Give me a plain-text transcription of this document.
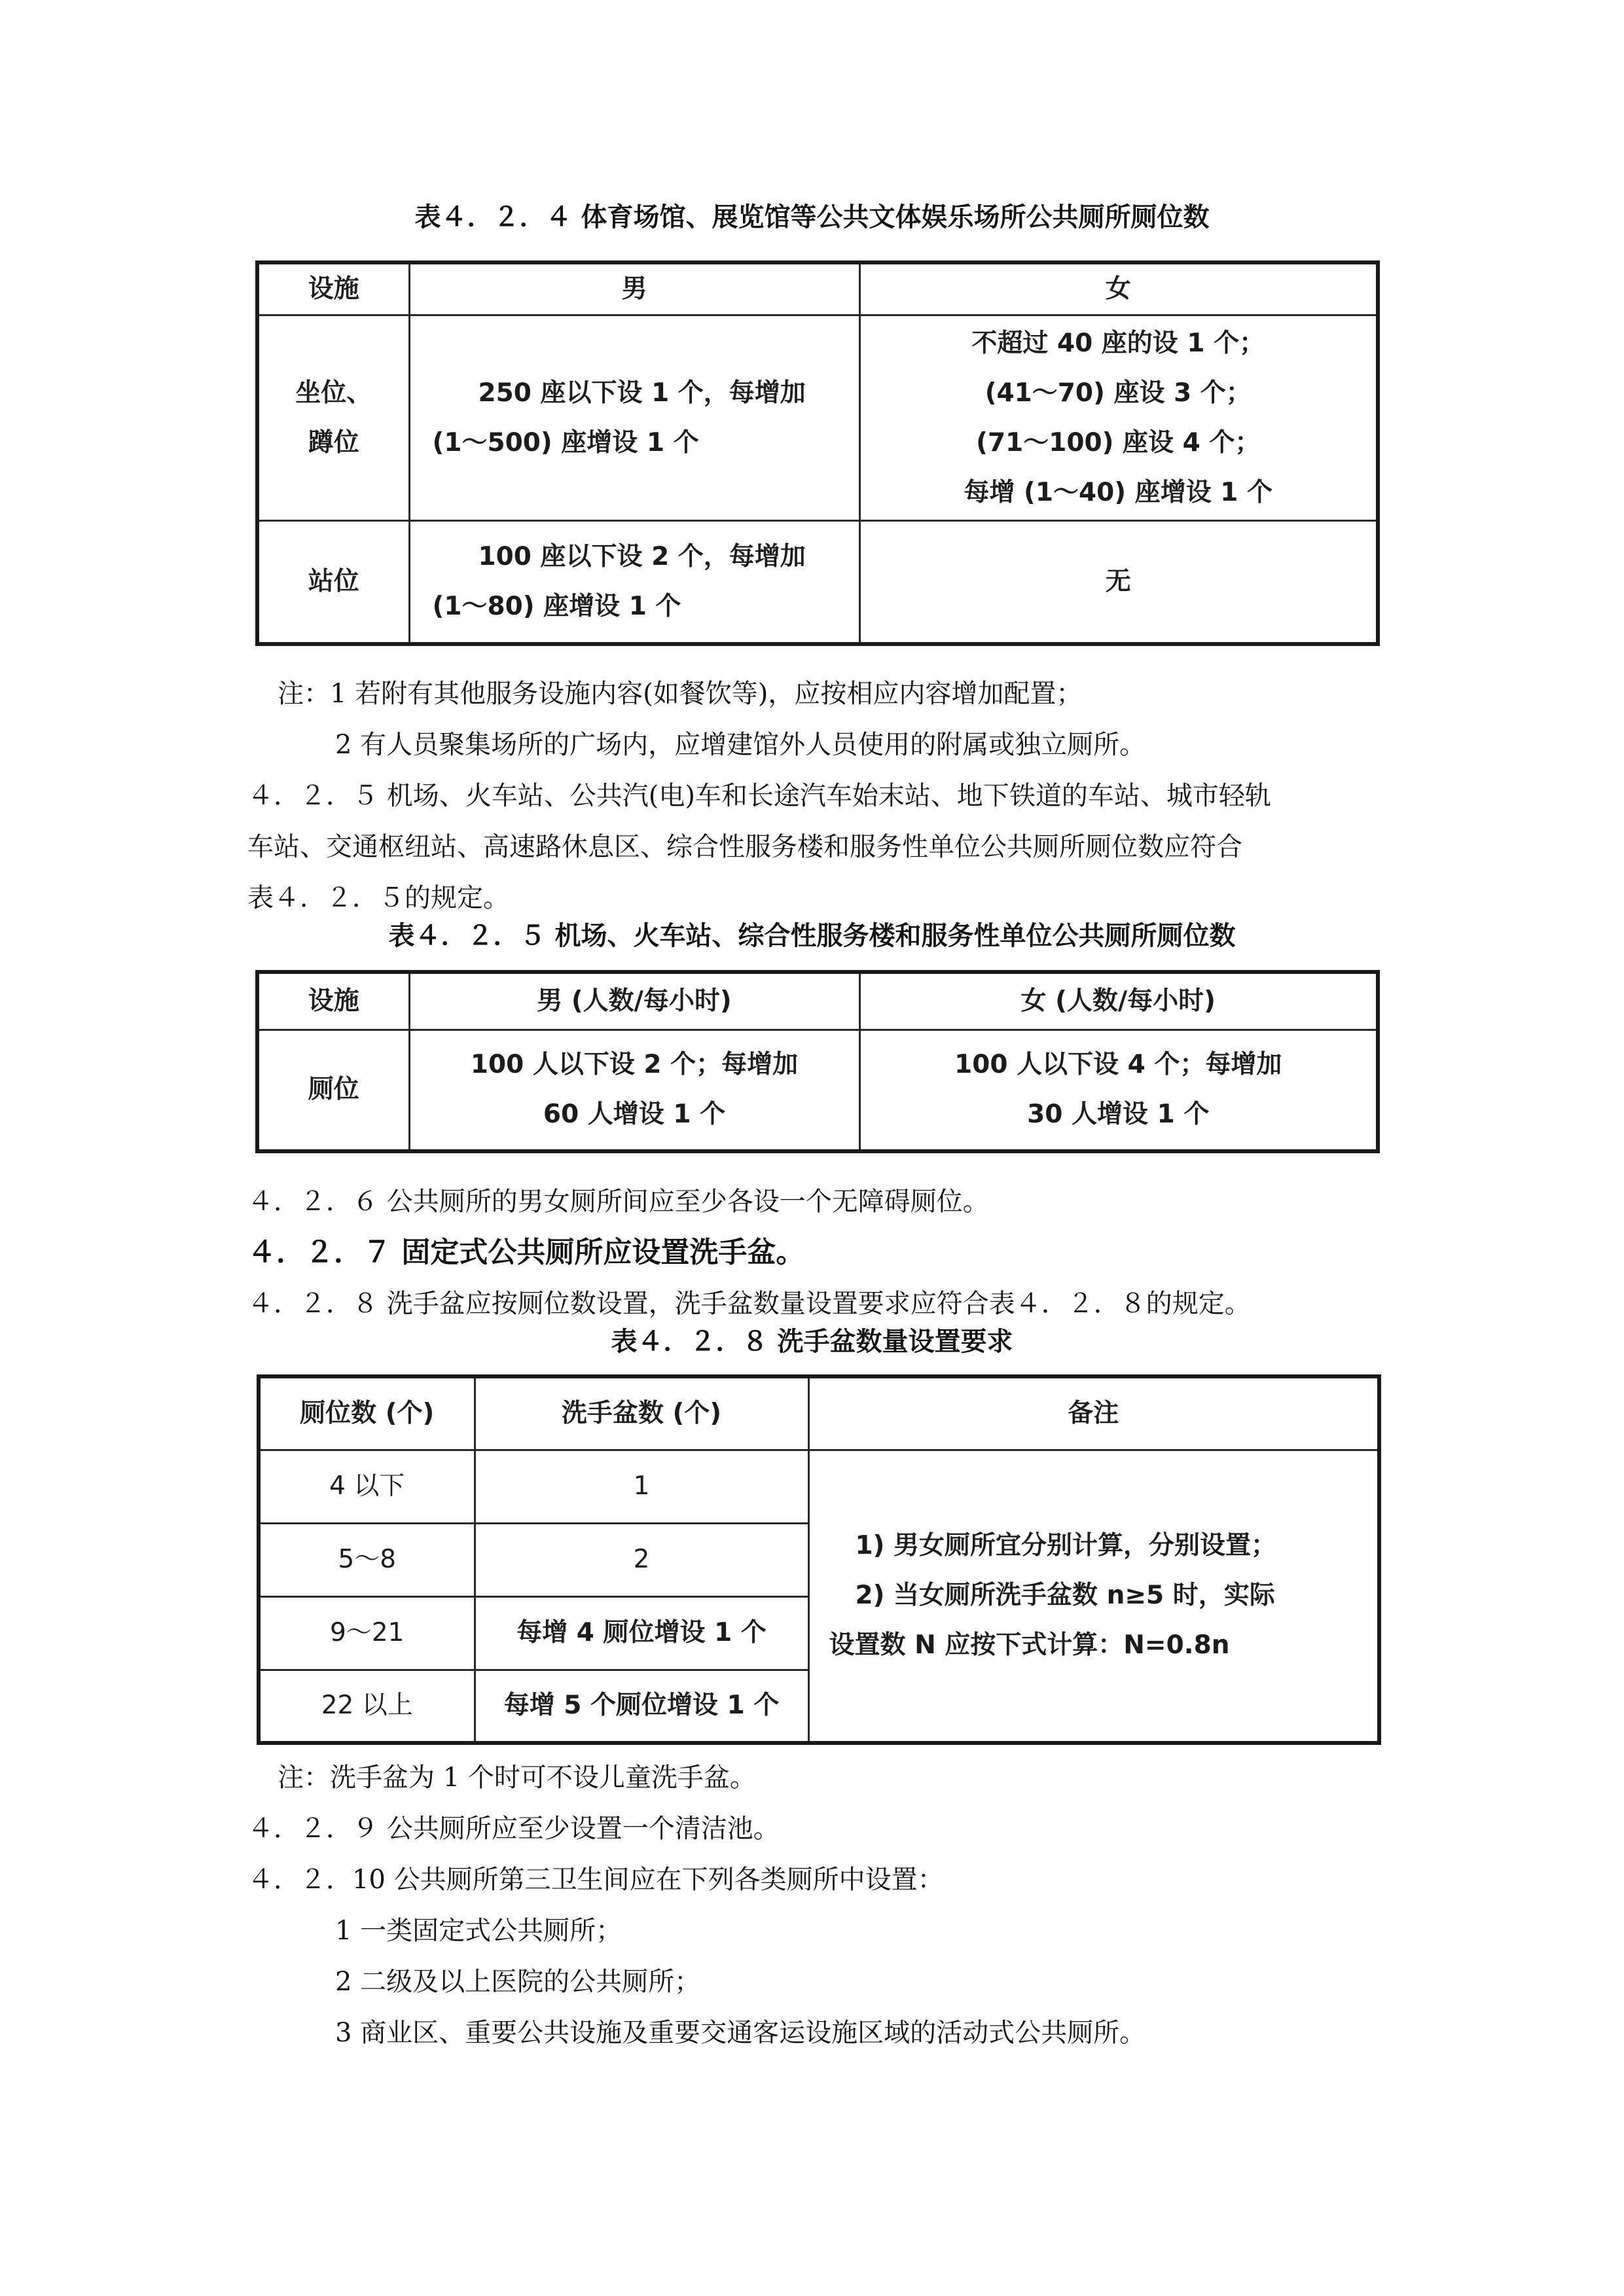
表４．２．４ 体育场馆、展览馆等公共文体娱乐场所公共厕所厕位数
设施	男	女

坐位、
蹲位	250 座以下设 1 个，每增加
(1～500) 座增设 1 个	不超过 40 座的设 1 个；
(41～70) 座设 3 个；
(71～100) 座设 4 个；
每增 (1～40) 座增设 1 个

站位	100 座以下设 2 个，每增加
(1～80) 座增设 1 个	无
注：1 若附有其他服务设施内容(如餐饮等)，应按相应内容增加配置；
2 有人员聚集场所的广场内，应增建馆外人员使用的附属或独立厕所。
４．２．５ 机场、火车站、公共汽(电)车和长途汽车始末站、地下铁道的车站、城市轻轨
车站、交通枢纽站、高速路休息区、综合性服务楼和服务性单位公共厕所厕位数应符合
表４．２．５的规定。
表４．２．５ 机场、火车站、综合性服务楼和服务性单位公共厕所厕位数
设施	男 (人数/每小时)	女 (人数/每小时)
厕位	100 人以下设 2 个；每增加
60 人增设 1 个	100 人以下设 4 个；每增加
30 人增设 1 个
４．２．６ 公共厕所的男女厕所间应至少各设一个无障碍厕位。
４．２．７ 固定式公共厕所应设置洗手盆。
４．２．８ 洗手盆应按厕位数设置，洗手盆数量设置要求应符合表４．２．８的规定。
表４．２．８ 洗手盆数量设置要求
厕位数 (个)	洗手盆数 (个)	备注
4 以下	1	1) 男女厕所宜分别计算，分别设置；
2) 当女厕所洗手盆数 n≥5 时，实际
设置数 N 应按下式计算：N=0.8n

5～8	2	
9～21	每增 4 厕位增设 1 个	
22 以上	每增 5 个厕位增设 1 个	
注：洗手盆为 1 个时可不设儿童洗手盆。
４．２．９ 公共厕所应至少设置一个清洁池。
４．２．10 公共厕所第三卫生间应在下列各类厕所中设置：
1 一类固定式公共厕所；
2 二级及以上医院的公共厕所；
3 商业区、重要公共设施及重要交通客运设施区域的活动式公共厕所。
